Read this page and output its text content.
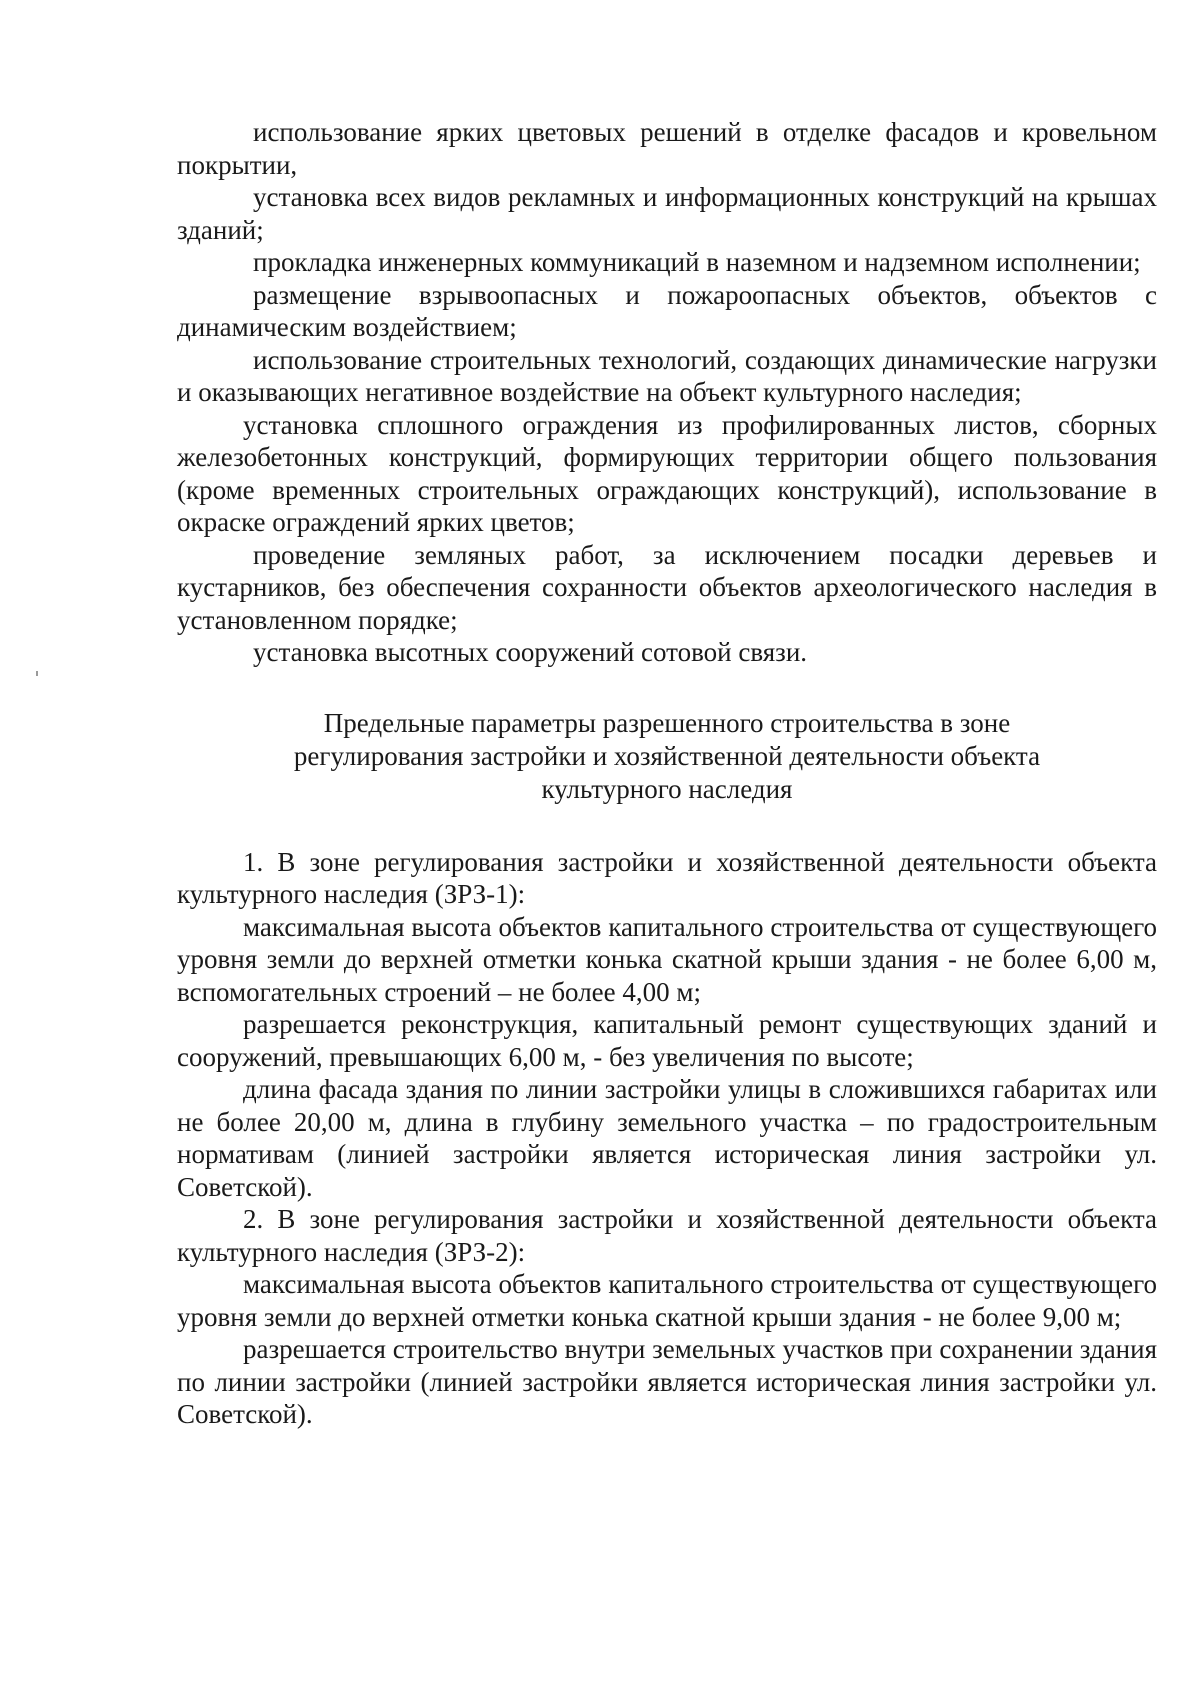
использование ярких цветовых решений в отделке фасадов и кровельном покрытии,

установка всех видов рекламных и информационных конструкций на крышах зданий;

прокладка инженерных коммуникаций в наземном и надземном исполнении;

размещение взрывоопасных и пожароопасных объектов, объектов с динамическим воздействием;

использование строительных технологий, создающих динамические нагрузки и оказывающих негативное воздействие на объект культурного наследия;

установка сплошного ограждения из профилированных листов, сборных железобетонных конструкций, формирующих территории общего пользования (кроме временных строительных ограждающих конструкций), использование в окраске ограждений ярких цветов;

проведение земляных работ, за исключением посадки деревьев и кустарников, без обеспечения сохранности объектов археологического наследия в установленном порядке;

установка высотных сооружений сотовой связи.

Предельные параметры разрешенного строительства в зоне
регулирования застройки и хозяйственной деятельности объекта
культурного наследия

1. В зоне регулирования застройки и хозяйственной деятельности объекта культурного наследия (ЗРЗ-1):

максимальная высота объектов капитального строительства от существующего уровня земли до верхней отметки конька скатной крыши здания - не более 6,00 м, вспомогательных строений – не более 4,00 м;

разрешается реконструкция, капитальный ремонт существующих зданий и сооружений, превышающих 6,00 м, - без увеличения по высоте;

длина фасада здания по линии застройки улицы в сложившихся габаритах или не более 20,00 м, длина в глубину земельного участка – по градостроительным нормативам (линией застройки является историческая линия застройки ул. Советской).

2. В зоне регулирования застройки и хозяйственной деятельности объекта культурного наследия (ЗРЗ-2):

максимальная высота объектов капитального строительства от существующего уровня земли до верхней отметки конька скатной крыши здания - не более 9,00 м;

разрешается строительство внутри земельных участков при сохранении здания по линии застройки (линией застройки является историческая линия застройки ул. Советской).
